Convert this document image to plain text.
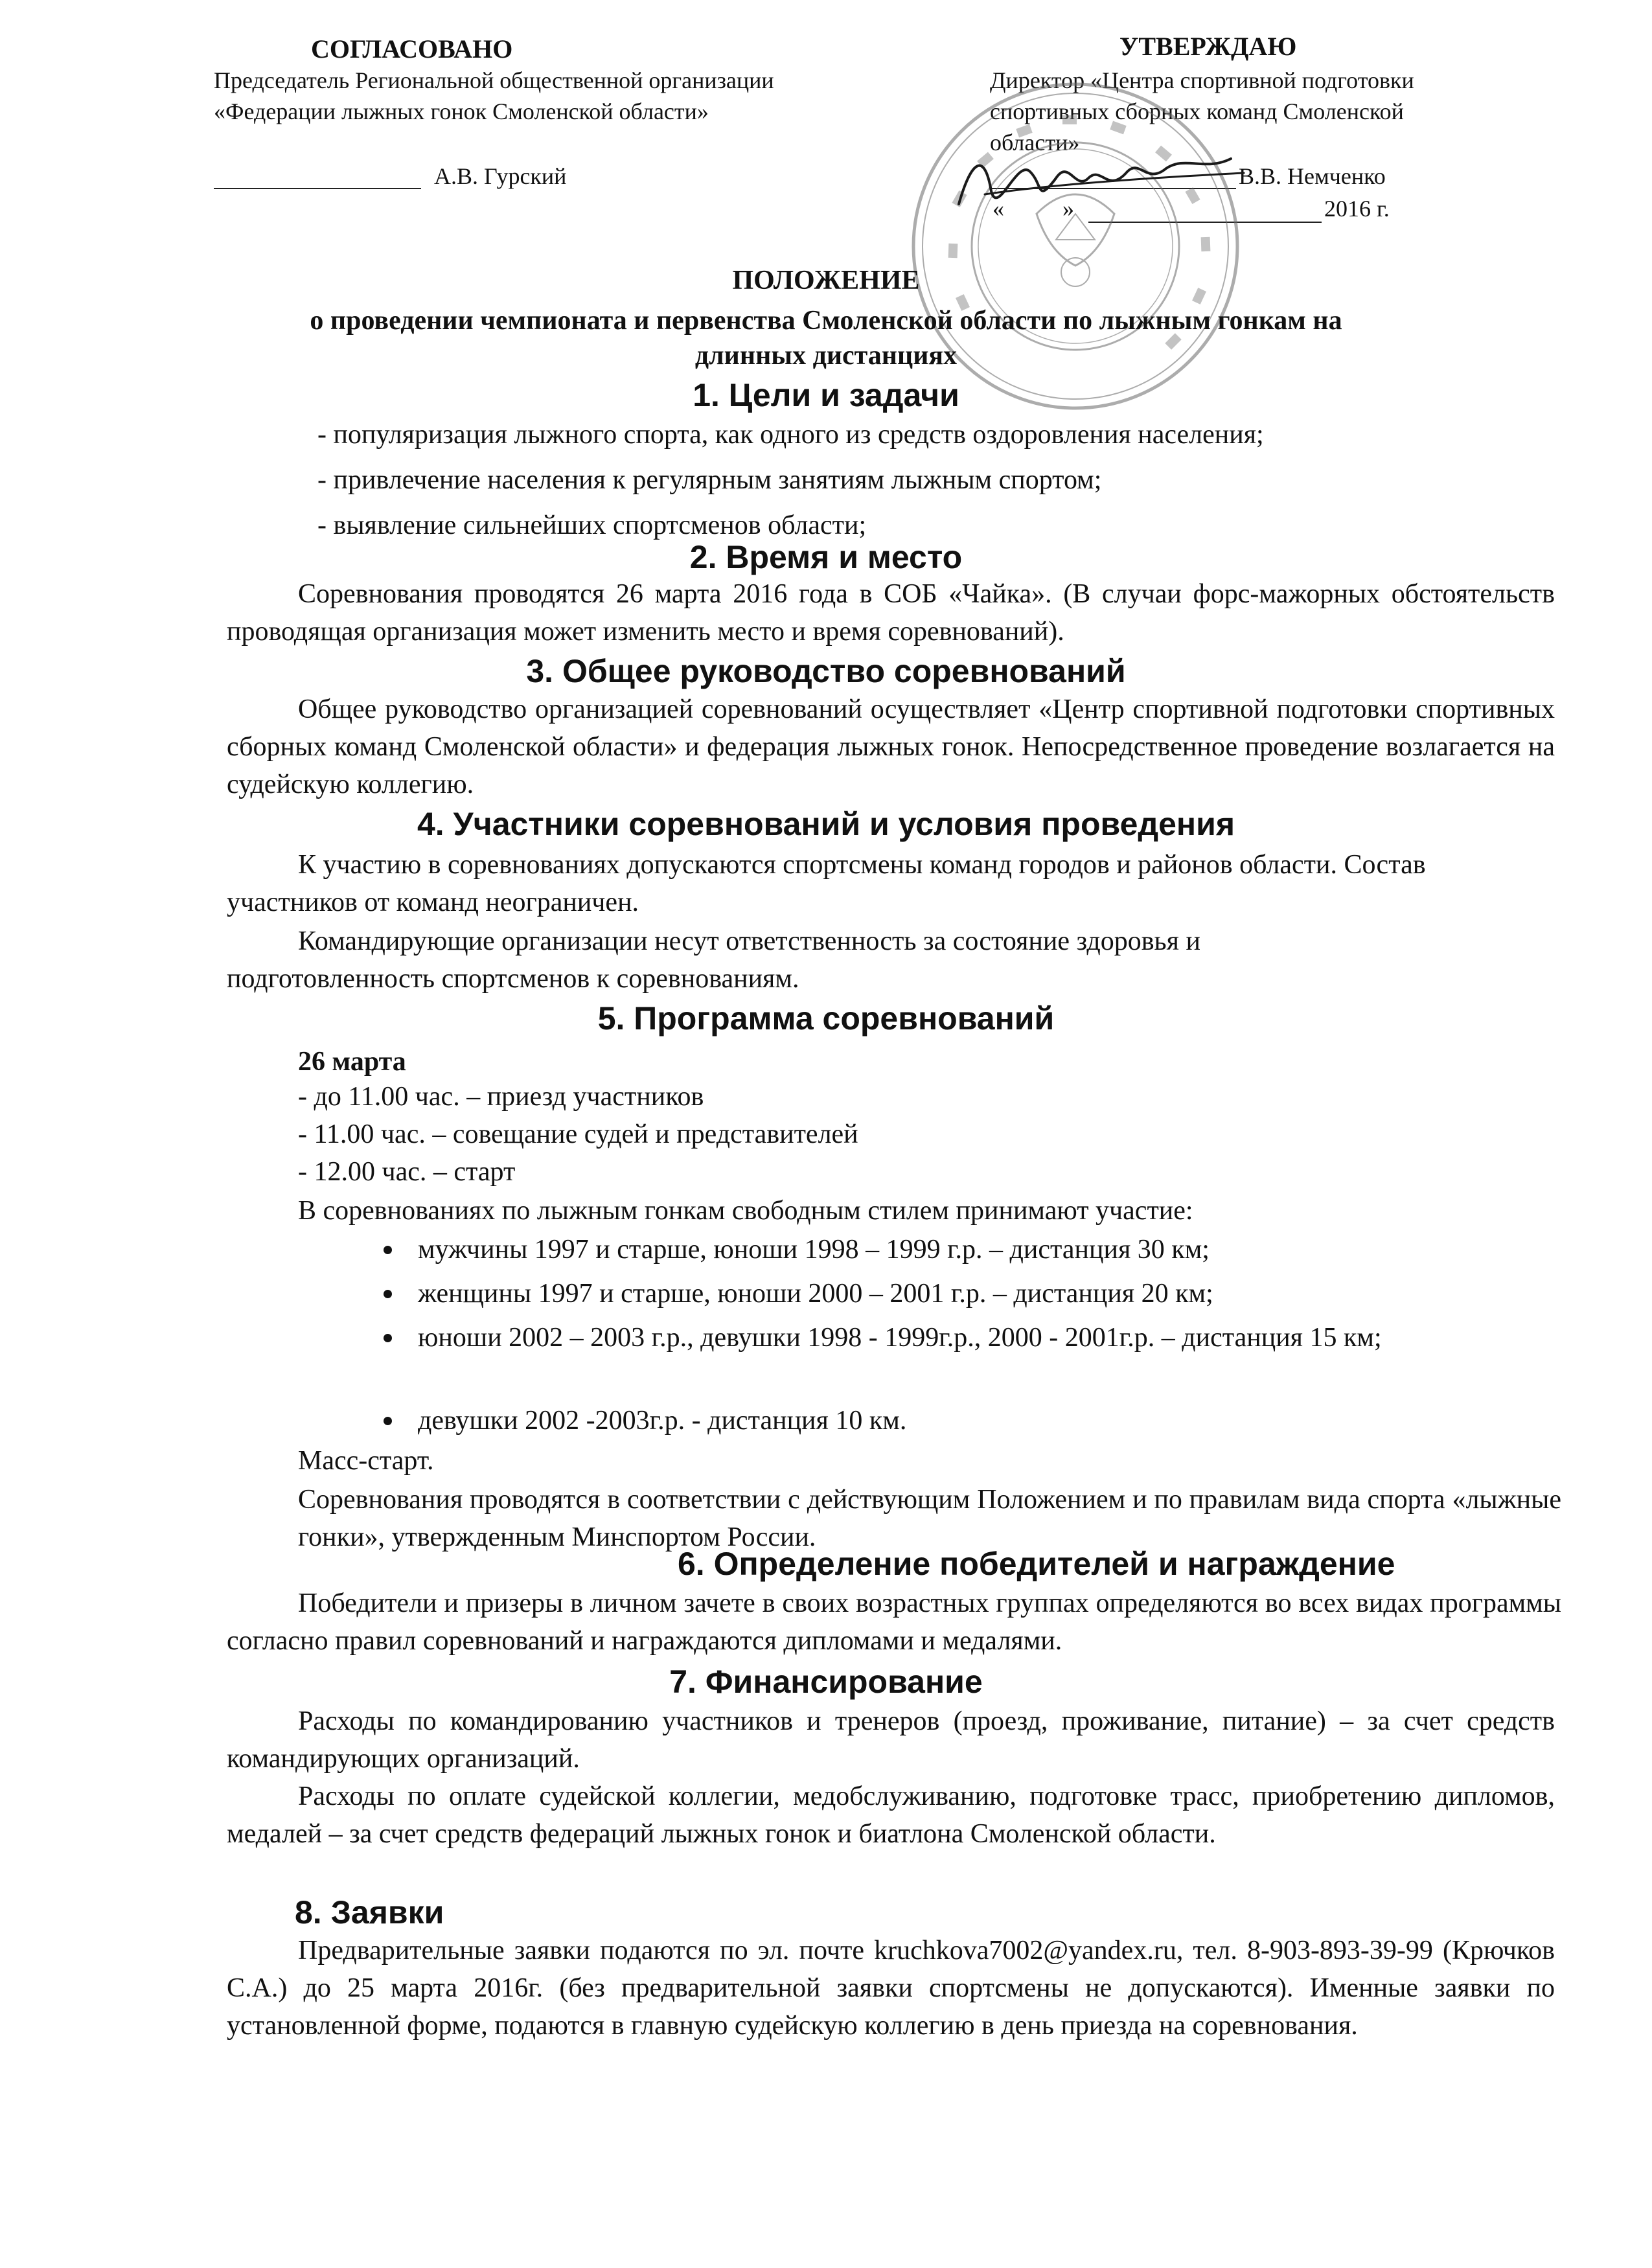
СОГЛАСОВАНО
Председатель Региональной общественной организации
«Федерации лыжных гонок Смоленской области»
А.В. Гурский
УТВЕРЖДАЮ
Директор «Центра спортивной подготовки
спортивных сборных команд Смоленской
области»
В.В. Немченко
«	»	2016 г.
ПОЛОЖЕНИЕ
о проведении чемпионата и первенства Смоленской области по лыжным гонкам на
длинных дистанциях
1. Цели и задачи
- популяризация лыжного спорта, как одного из средств оздоровления населения;
- привлечение населения к регулярным занятиям лыжным спортом;
- выявление сильнейших спортсменов области;
2. Время и место
Соревнования проводятся 26 марта 2016 года в СОБ «Чайка». (В случаи форс-мажорных обстоятельств проводящая организация может изменить место и время соревнований).
3. Общее руководство соревнований
Общее руководство организацией соревнований осуществляет «Центр спортивной подготовки спортивных сборных команд Смоленской области» и федерация лыжных гонок. Непосредственное проведение возлагается на судейскую коллегию.
4. Участники соревнований и условия проведения
К участию в соревнованиях допускаются спортсмены команд городов и районов области. Состав участников от команд неограничен.
Командирующие организации несут ответственность за состояние здоровья и подготовленность спортсменов к соревнованиям.
5. Программа соревнований
26 марта
- до 11.00 час. – приезд участников
- 11.00 час. – совещание судей и представителей
- 12.00 час. – старт
В соревнованиях по лыжным гонкам свободным стилем принимают участие:
мужчины 1997 и старше, юноши 1998 – 1999 г.р. – дистанция 30 км;
женщины 1997 и старше, юноши 2000 – 2001 г.р. – дистанция 20 км;
юноши 2002 – 2003 г.р., девушки 1998 - 1999г.р., 2000 - 2001г.р. – дистанция 15 км;
девушки 2002 -2003г.р. - дистанция 10 км.
Масс-старт.
Соревнования проводятся в соответствии с действующим Положением и по правилам вида спорта «лыжные гонки», утвержденным Минспортом России.
6. Определение победителей и награждение
Победители и призеры в личном зачете в своих возрастных группах определяются во всех видах программы согласно правил соревнований и награждаются дипломами и медалями.
7. Финансирование
Расходы по командированию участников и тренеров (проезд, проживание, питание) – за счет средств командирующих организаций.
Расходы по оплате судейской коллегии, медобслуживанию, подготовке трасс, приобретению дипломов, медалей – за счет средств федераций лыжных гонок и биатлона Смоленской области.
8. Заявки
Предварительные заявки подаются по эл. почте kruchkova7002@yandex.ru, тел. 8-903-893-39-99 (Крючков С.А.) до 25 марта 2016г. (без предварительной заявки спортсмены не допускаются). Именные заявки по установленной форме, подаются в главную судейскую коллегию в день приезда на соревнования.
